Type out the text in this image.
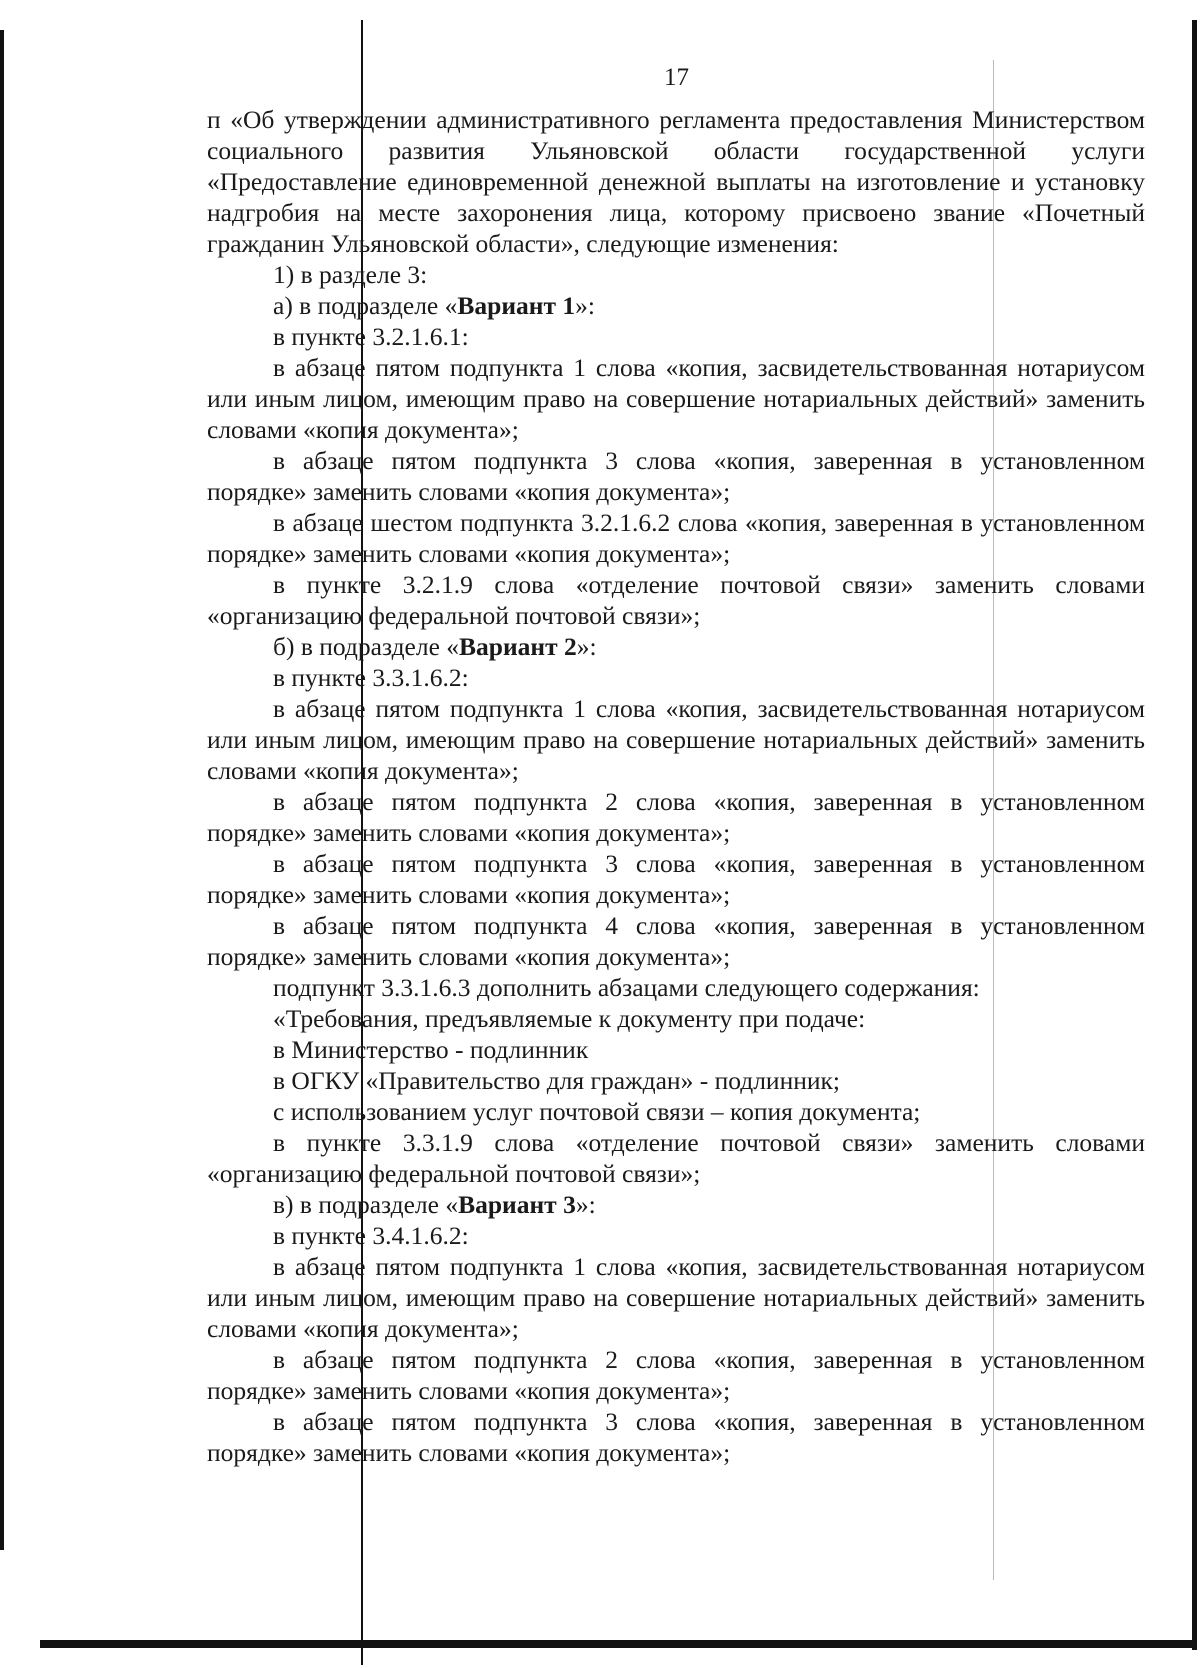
17

п «Об утверждении административного регламента предоставления Министерством социального развития Ульяновской области государственной услуги «Предоставление единовременной денежной выплаты на изготовление и установку надгробия на месте захоронения лица, которому присвоено звание «Почетный гражданин Ульяновской области», следующие изменения:

1) в разделе 3:

а) в подразделе «Вариант 1»:

в пункте 3.2.1.6.1:

в абзаце пятом подпункта 1 слова «копия, засвидетельствованная нотариусом или иным лицом, имеющим право на совершение нотариальных действий» заменить словами «копия документа»;

в абзаце пятом подпункта 3 слова «копия, заверенная в установленном порядке» заменить словами «копия документа»;

в абзаце шестом подпункта 3.2.1.6.2 слова «копия, заверенная в установленном порядке» заменить словами «копия документа»;

в пункте 3.2.1.9 слова «отделение почтовой связи» заменить словами «организацию федеральной почтовой связи»;

б) в подразделе «Вариант 2»:

в пункте 3.3.1.6.2:

в абзаце пятом подпункта 1 слова «копия, засвидетельствованная нотариусом или иным лицом, имеющим право на совершение нотариальных действий» заменить словами «копия документа»;

в абзаце пятом подпункта 2 слова «копия, заверенная в установленном порядке» заменить словами «копия документа»;

в абзаце пятом подпункта 3 слова «копия, заверенная в установленном порядке» заменить словами «копия документа»;

в абзаце пятом подпункта 4 слова «копия, заверенная в установленном порядке» заменить словами «копия документа»;

подпункт 3.3.1.6.3 дополнить абзацами следующего содержания:

«Требования, предъявляемые к документу при подаче:

в Министерство - подлинник

в ОГКУ «Правительство для граждан» - подлинник;

с использованием услуг почтовой связи – копия документа;

в пункте 3.3.1.9 слова «отделение почтовой связи» заменить словами «организацию федеральной почтовой связи»;

в) в подразделе «Вариант 3»:

в пункте 3.4.1.6.2:

в абзаце пятом подпункта 1 слова «копия, засвидетельствованная нотариусом или иным лицом, имеющим право на совершение нотариальных действий» заменить словами «копия документа»;

в абзаце пятом подпункта 2 слова «копия, заверенная в установленном порядке» заменить словами «копия документа»;

в абзаце пятом подпункта 3 слова «копия, заверенная в установленном порядке» заменить словами «копия документа»;
